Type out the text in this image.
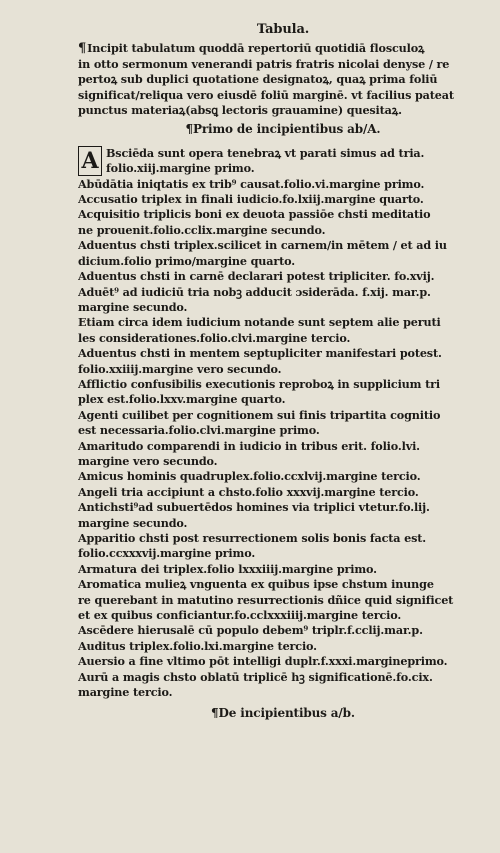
Tabula.
¶Incipit tabulatum quoddā repertoriū quotidiā flosculoꝝ
in otto sermonum venerandi patris fratris nicolai denyse / re
pertoꝝ sub duplici quotatione designatoꝝ, quaꝝ prima foliū
significat/reliqua vero eiusdē foliū marginē. vt facilius pateat
punctus materiaꝝ(absꝗ lectoris grauamine) quesitaꝝ.
¶Primo de incipientibus ab/A.
A Bsciēda sunt opera tenebraꝝ vt parati simus ad tria.
folio.xiij.margine primo.
Abūdātia iniqtatis ex trib⁹ causat.folio.vi.margine primo.
Accusatio triplex in finali iudicio.fo.lxiij.margine quarto.
Acquisitio triplicis boni ex deuota passiōe chsti meditatio
ne prouenit.folio.cclix.margine secundo.
Aduentus chsti triplex.scilicet in carnem/in mētem / et ad iu
dicium.folio primo/margine quarto.
Aduentus chsti in carnē declarari potest tripliciter. fo.xvij.
Aduēt⁹ ad iudiciū tria nobꝫ adducit ɔsiderāda. f.xij. mar.p.
margine secundo.
Etiam circa idem iudicium notande sunt septem alie peruti
les considerationes.folio.clvi.margine tercio.
Aduentus chsti in mentem septupliciter manifestari potest.
folio.xxiiij.margine vero secundo.
Afflictio confusibilis executionis reproboꝝ in supplicium tri
plex est.folio.lxxv.margine quarto.
Agenti cuilibet per cognitionem sui finis tripartita cognitio
est necessaria.folio.clvi.margine primo.
Amaritudo comparendi in iudicio in tribus erit. folio.lvi.
margine vero secundo.
Amicus hominis quadruplex.folio.ccxlvij.margine tercio.
Angeli tria accipiunt a chsto.folio xxxvij.margine tercio.
Antichsti⁹ad subuertēdos homines via triplici vtetur.fo.lij.
margine secundo.
Apparitio chsti post resurrectionem solis bonis facta est.
folio.ccxxxvij.margine primo.
Armatura dei triplex.folio lxxxiiij.margine primo.
Aromatica mulieꝝ vnguenta ex quibus ipse chstum inunge
re querebant in matutino resurrectionis dñice quid significet
et ex quibus conficiantur.fo.cclxxxiiij.margine tercio.
Ascēdere hierusalē cū populo debem⁹ triplr.f.cclij.mar.p.
Auditus triplex.folio.lxi.margine tercio.
Auersio a fine vltimo pōt intelligi duplr.f.xxxi.margineprimo.
Aurū a magis chsto oblatū triplicē hꝫ significationē.fo.cix.
margine tercio.
¶De incipientibus a/b.
